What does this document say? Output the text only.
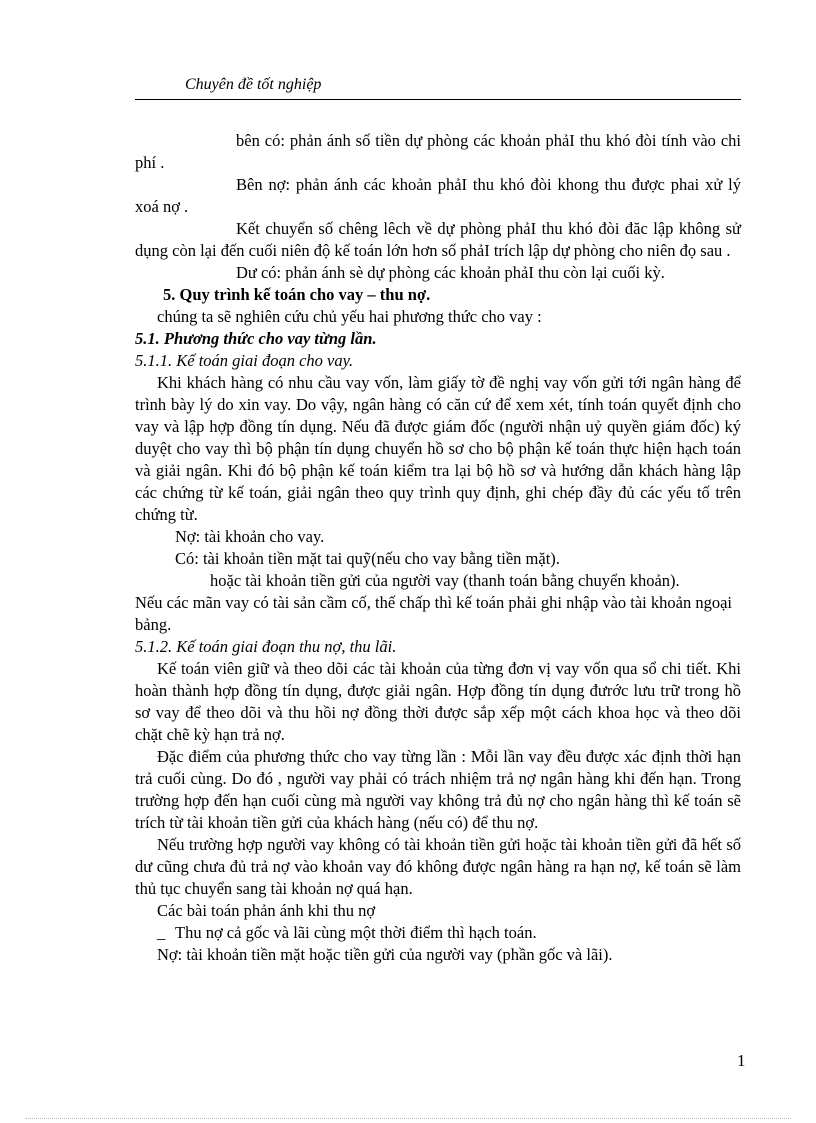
Chuyên đề tốt nghiệp

bên có: phản ánh số tiền dự phòng các khoản phảI thu khó đòi tính vào chi phí .

Bên nợ: phản ánh các khoản phảI thu khó đòi khong thu được phai xử lý xoá nợ .

Kết chuyển số chêng lêch về dự phòng phảI thu khó đòi đăc lập không sử dụng còn lại đến cuối niên độ kế toán lớn hơn số phảI trích lập dự phòng cho niên đọ sau .

Dư có: phản ánh sè dự phòng các khoản phảI thu còn lại cuối kỳ.

5. Quy trình kế toán cho vay – thu nợ.

chúng ta sẽ nghiên cứu chủ yếu hai phương thức cho vay :

5.1. Phương thức cho vay từng lần.

5.1.1. Kế toán giai đoạn cho vay.

Khi khách hàng có nhu cầu vay vốn, làm giấy tờ đề nghị vay vốn gửi tới ngân hàng để trình bày lý do xin vay. Do vậy, ngân hàng có căn cứ để xem xét, tính toán quyết định cho vay và lập hợp đồng tín dụng. Nếu đã được giám đốc (người nhận uỷ quyền giám đốc) ký duyệt cho vay thì bộ phận tín dụng chuyển hồ sơ cho bộ phận kế toán thực hiện hạch toán và giải ngân. Khi đó bộ phận kế toán kiểm tra lại bộ hồ sơ và hướng dẫn khách hàng lập các chứng từ kế toán, giải ngân theo quy trình quy định, ghi chép đầy đủ các yếu tố trên chứng từ.

Nợ: tài khoản cho vay.

Có: tài khoản tiền mặt tai quỹ(nếu cho vay bằng tiền mặt).

hoặc tài khoản tiền gửi của người vay (thanh toán bằng chuyển khoản).

Nếu các mãn vay có tài sản cầm cố, thế chấp thì kế toán phải ghi nhập vào tài khoản ngoại bảng.

5.1.2. Kế toán giai đoạn thu nợ, thu lãi.

Kế toán viên giữ và theo dõi các tài khoản của từng đơn vị vay vốn qua sổ chi tiết. Khi hoàn thành hợp đồng tín dụng, được giải ngân. Hợp đồng tín dụng đưrớc lưu trữ trong hồ sơ vay để theo dõi và thu hồi nợ đồng thời được sắp xếp một cách khoa học và theo dõi chặt chẽ kỳ hạn trả nợ.

Đặc điểm của phương thức cho vay từng lần : Mỗi lần vay đều được xác định thời hạn trả cuối cùng. Do đó , người vay phải có trách nhiệm trả nợ ngân hàng khi đến hạn. Trong trường hợp đến hạn cuối cùng mà người vay không trả đủ nợ cho ngân hàng thì kế toán sẽ trích từ tài khoản tiền gửi của khách hàng (nếu có) để thu nợ.

Nếu trường hợp người vay không có tài khoản tiền gửi hoặc tài khoản tiền gửi đã hết số dư cũng chưa đủ trả nợ vào khoản vay đó không được ngân hàng ra hạn nợ, kế toán sẽ làm thủ tục chuyển sang tài khoản nợ quá hạn.

Các bài toán phản ánh khi thu nợ

_ Thu nợ cả gốc và lãi cùng một thời điểm thì hạch toán.

Nợ: tài khoản tiền mặt hoặc tiền gửi của người vay (phần gốc và lãi).

1
